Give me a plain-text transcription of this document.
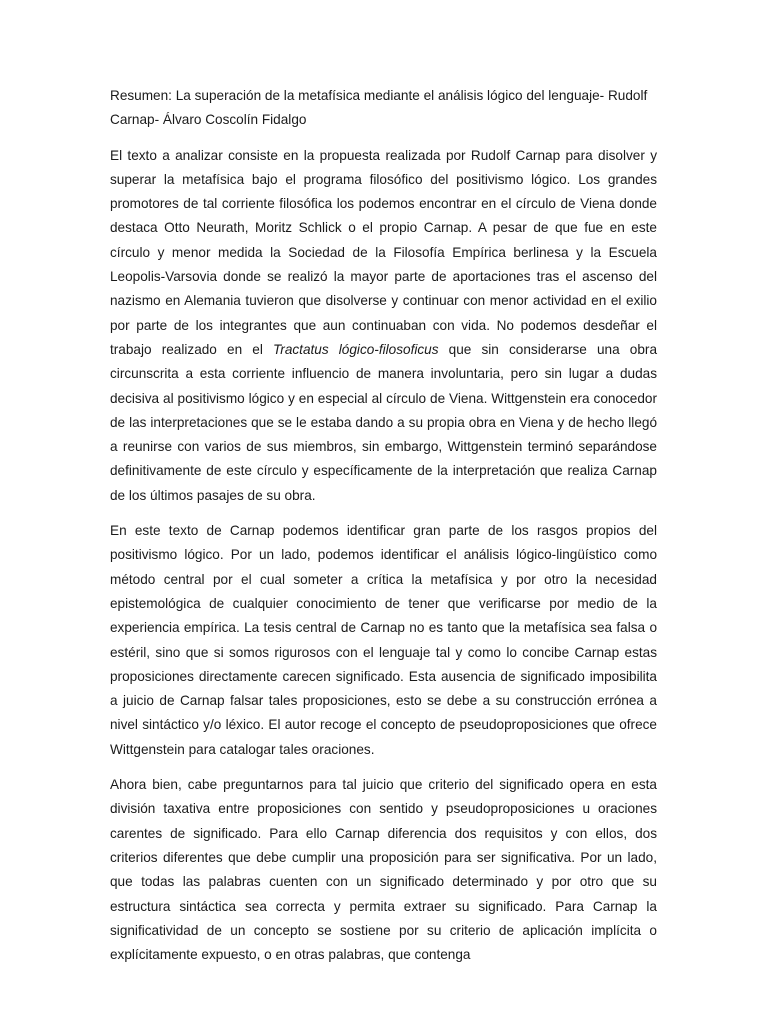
Resumen: La superación de la metafísica mediante el análisis lógico del lenguaje- Rudolf Carnap- Álvaro Coscolín Fidalgo

El texto a analizar consiste en la propuesta realizada por Rudolf Carnap para disolver y superar la metafísica bajo el programa filosófico del positivismo lógico. Los grandes promotores de tal corriente filosófica los podemos encontrar en el círculo de Viena donde destaca Otto Neurath, Moritz Schlick o el propio Carnap. A pesar de que fue en este círculo y menor medida la Sociedad de la Filosofía Empírica berlinesa y la Escuela Leopolis-Varsovia donde se realizó la mayor parte de aportaciones tras el ascenso del nazismo en Alemania tuvieron que disolverse y continuar con menor actividad en el exilio por parte de los integrantes que aun continuaban con vida. No podemos desdeñar el trabajo realizado en el Tractatus lógico-filosoficus que sin considerarse una obra circunscrita a esta corriente influencio de manera involuntaria, pero sin lugar a dudas decisiva al positivismo lógico y en especial al círculo de Viena. Wittgenstein era conocedor de las interpretaciones que se le estaba dando a su propia obra en Viena y de hecho llegó a reunirse con varios de sus miembros, sin embargo, Wittgenstein terminó separándose definitivamente de este círculo y específicamente de la interpretación que realiza Carnap de los últimos pasajes de su obra.

En este texto de Carnap podemos identificar gran parte de los rasgos propios del positivismo lógico. Por un lado, podemos identificar el análisis lógico-lingüístico como método central por el cual someter a crítica la metafísica y por otro la necesidad epistemológica de cualquier conocimiento de tener que verificarse por medio de la experiencia empírica. La tesis central de Carnap no es tanto que la metafísica sea falsa o estéril, sino que si somos rigurosos con el lenguaje tal y como lo concibe Carnap estas proposiciones directamente carecen significado. Esta ausencia de significado imposibilita a juicio de Carnap falsar tales proposiciones, esto se debe a su construcción errónea a nivel sintáctico y/o léxico. El autor recoge el concepto de pseudoproposiciones que ofrece Wittgenstein para catalogar tales oraciones.

Ahora bien, cabe preguntarnos para tal juicio que criterio del significado opera en esta división taxativa entre proposiciones con sentido y pseudoproposiciones u oraciones carentes de significado. Para ello Carnap diferencia dos requisitos y con ellos, dos criterios diferentes que debe cumplir una proposición para ser significativa. Por un lado, que todas las palabras cuenten con un significado determinado y por otro que su estructura sintáctica sea correcta y permita extraer su significado. Para Carnap la significatividad de un concepto se sostiene por su criterio de aplicación implícita o explícitamente expuesto, o en otras palabras, que contenga
